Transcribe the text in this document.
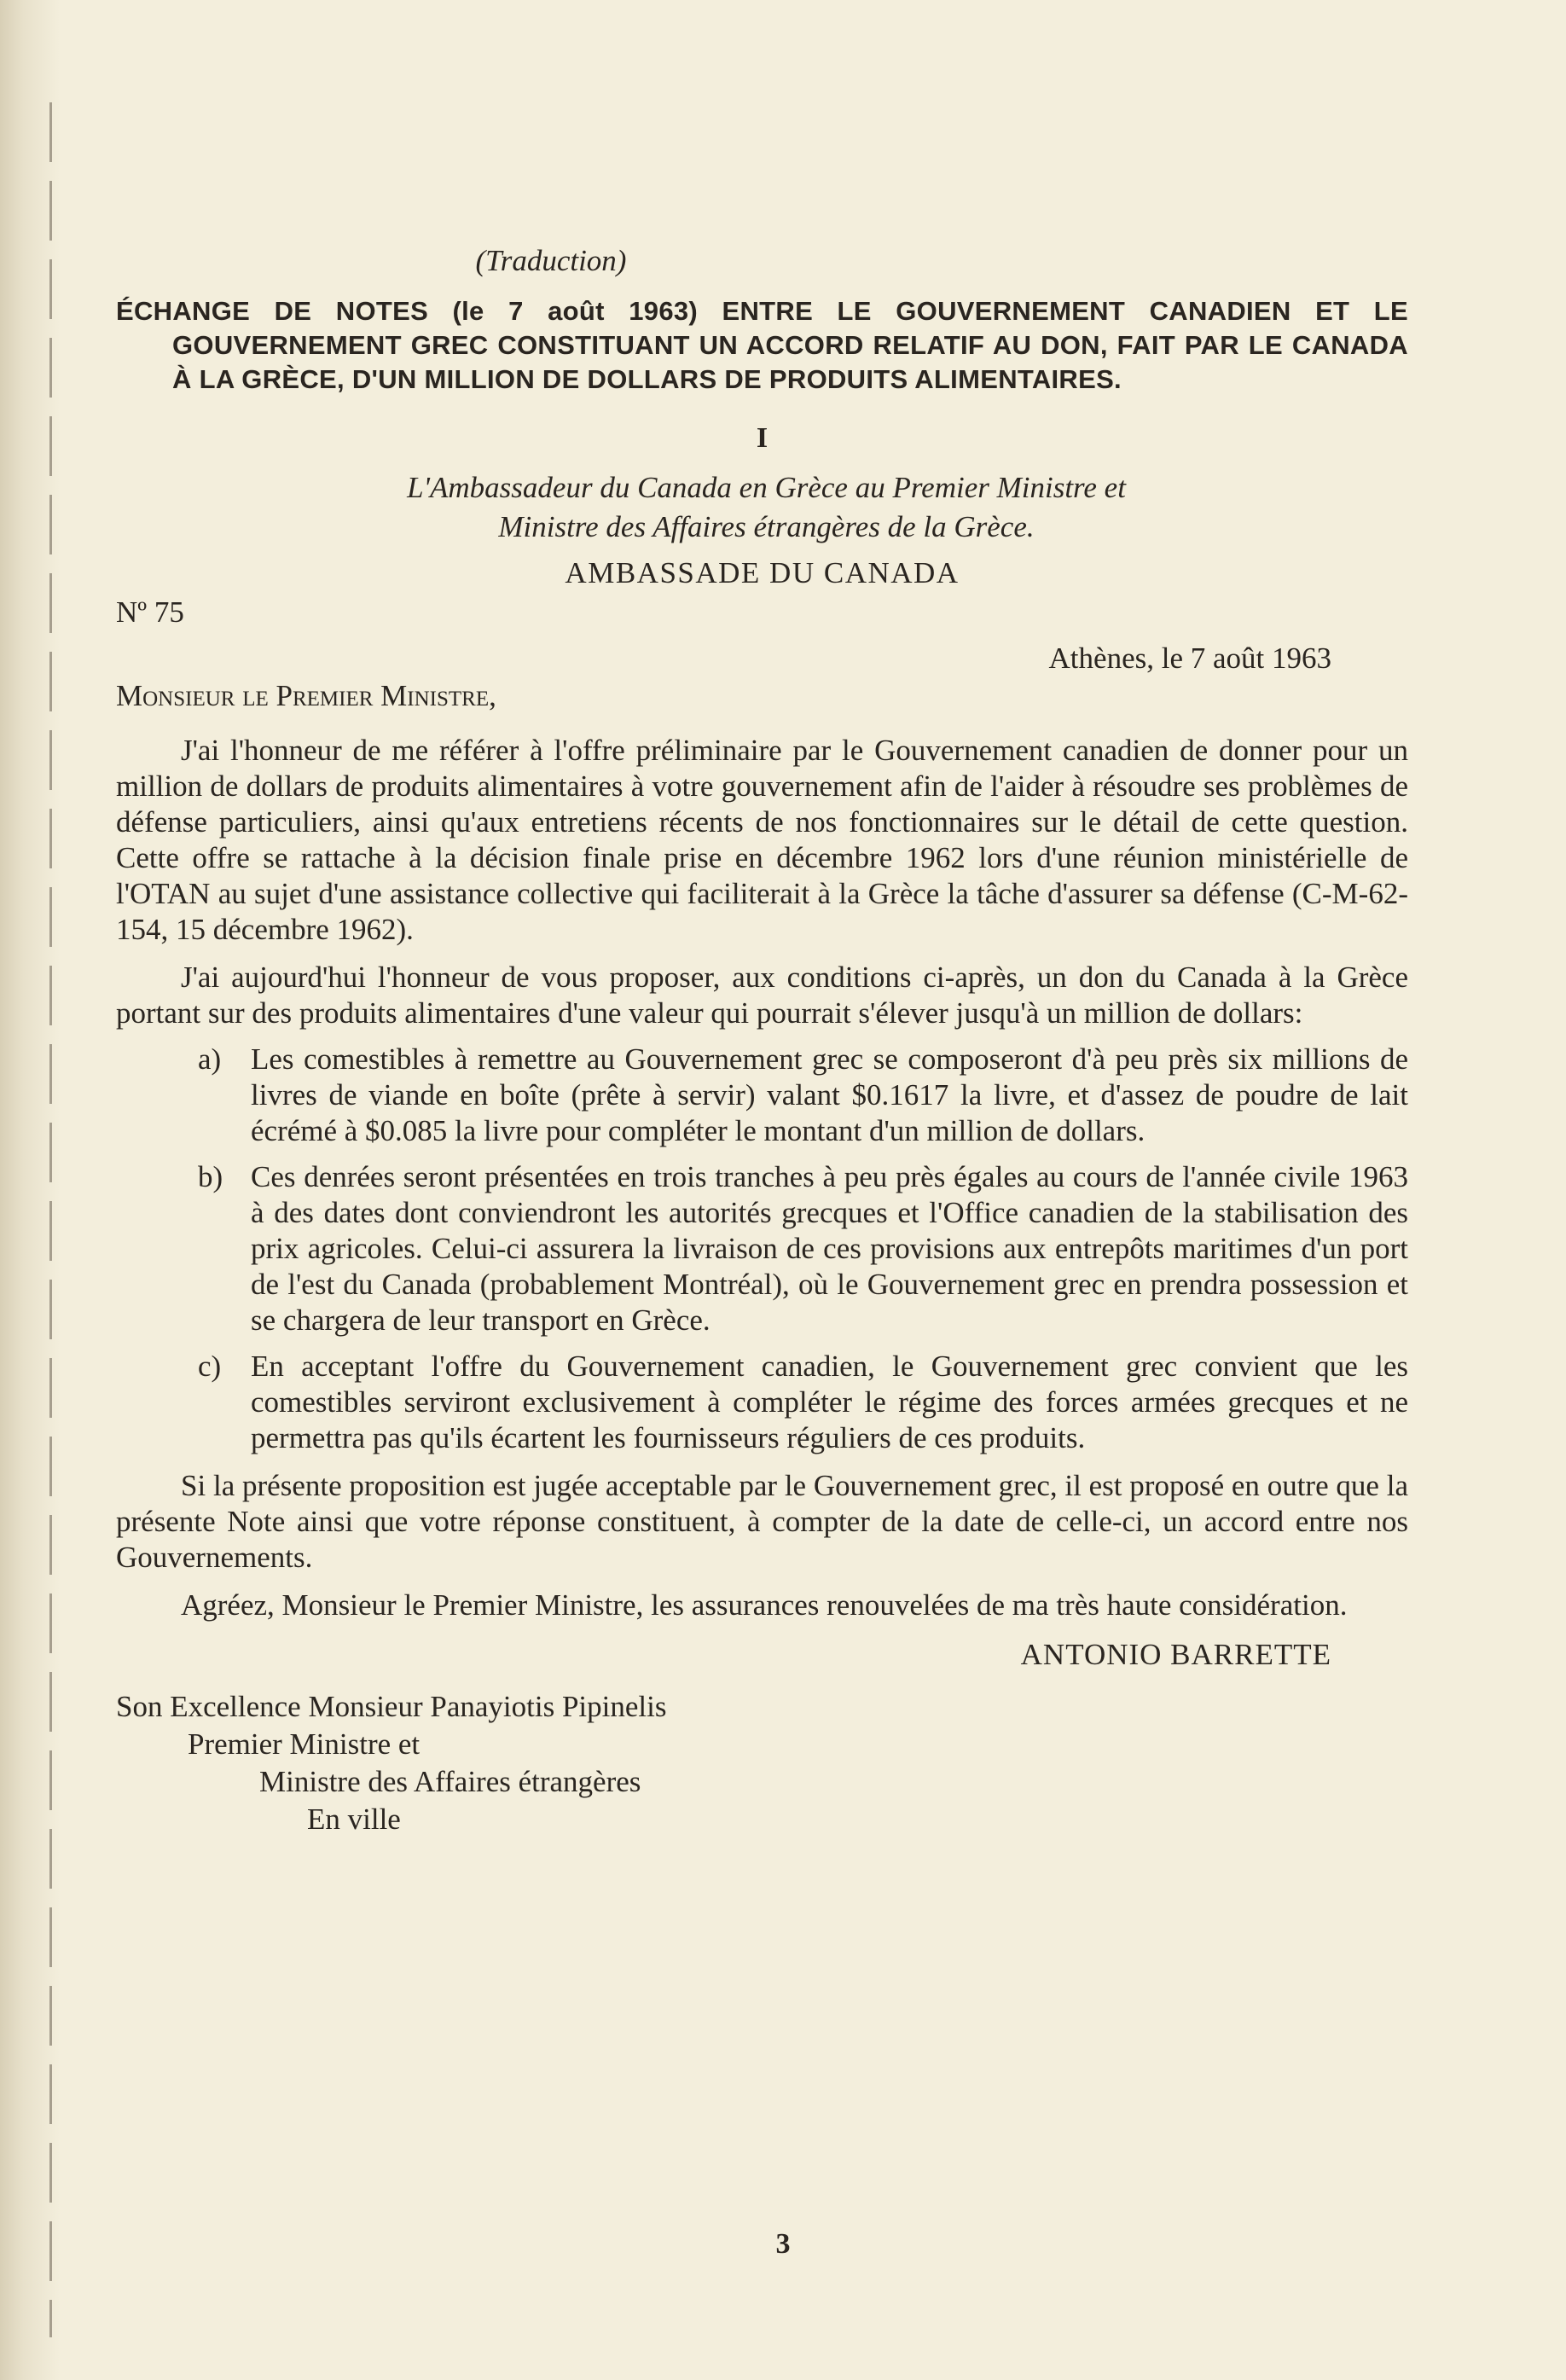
(Traduction)
ÉCHANGE DE NOTES (le 7 août 1963) ENTRE LE GOUVERNEMENT CANADIEN ET LE GOUVERNEMENT GREC CONSTITUANT UN ACCORD RELATIF AU DON, FAIT PAR LE CANADA À LA GRÈCE, D'UN MILLION DE DOLLARS DE PRODUITS ALIMENTAIRES.
I
L'Ambassadeur du Canada en Grèce au Premier Ministre et
Ministre des Affaires étrangères de la Grèce.
AMBASSADE DU CANADA
Nº 75
Athènes, le 7 août 1963
Monsieur le Premier Ministre,

J'ai l'honneur de me référer à l'offre préliminaire par le Gouvernement canadien de donner pour un million de dollars de produits alimentaires à votre gouvernement afin de l'aider à résoudre ses problèmes de défense particuliers, ainsi qu'aux entretiens récents de nos fonctionnaires sur le détail de cette question. Cette offre se rattache à la décision finale prise en décembre 1962 lors d'une réunion ministérielle de l'OTAN au sujet d'une assistance collective qui faciliterait à la Grèce la tâche d'assurer sa défense (C-M-62-154, 15 décembre 1962).

J'ai aujourd'hui l'honneur de vous proposer, aux conditions ci-après, un don du Canada à la Grèce portant sur des produits alimentaires d'une valeur qui pourrait s'élever jusqu'à un million de dollars:

a) Les comestibles à remettre au Gouvernement grec se composeront d'à peu près six millions de livres de viande en boîte (prête à servir) valant $0.1617 la livre, et d'assez de poudre de lait écrémé à $0.085 la livre pour compléter le montant d'un million de dollars.
b) Ces denrées seront présentées en trois tranches à peu près égales au cours de l'année civile 1963 à des dates dont conviendront les autorités grecques et l'Office canadien de la stabilisation des prix agricoles. Celui-ci assurera la livraison de ces provisions aux entrepôts maritimes d'un port de l'est du Canada (probablement Montréal), où le Gouvernement grec en prendra possession et se chargera de leur transport en Grèce.
c) En acceptant l'offre du Gouvernement canadien, le Gouvernement grec convient que les comestibles serviront exclusivement à compléter le régime des forces armées grecques et ne permettra pas qu'ils écartent les fournisseurs réguliers de ces produits.

Si la présente proposition est jugée acceptable par le Gouvernement grec, il est proposé en outre que la présente Note ainsi que votre réponse constituent, à compter de la date de celle-ci, un accord entre nos Gouvernements.

Agréez, Monsieur le Premier Ministre, les assurances renouvelées de ma très haute considération.

ANTONIO BARRETTE
Son Excellence Monsieur Panayiotis Pipinelis
Premier Ministre et
Ministre des Affaires étrangères
En ville
3
